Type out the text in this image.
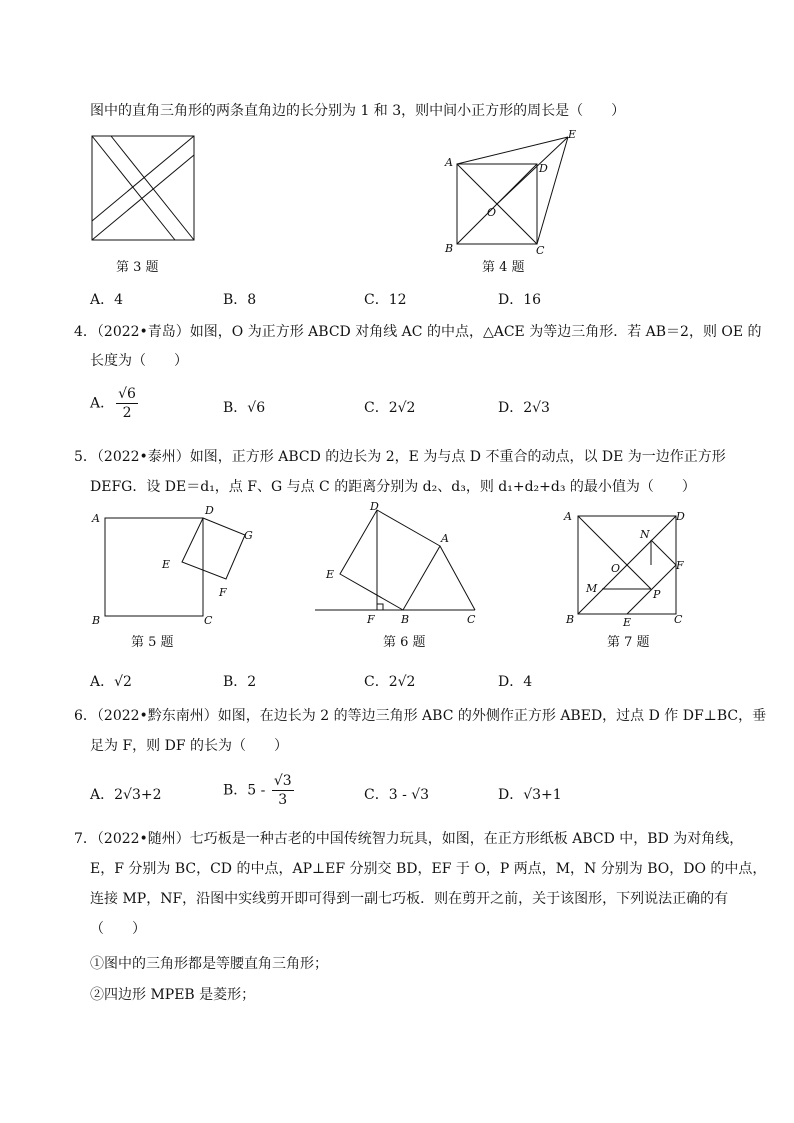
图中的直角三角形的两条直角边的长分别为 1 和 3，则中间小正方形的周长是（　　）
第 3 题
A
B	C
D
E
O
第 4 题
A．4	B．8	C．12	D．16
4．（2022•青岛）如图，O 为正方形 ABCD 对角线 AC 的中点，△ACE 为等边三角形．若 AB＝2，则 OE 的
长度为（　　）
A． $\frac{√6}{2}$	B．√6	C．2√2	D．2√3
5．（2022•泰州）如图，正方形 ABCD 的边长为 2，E 为与点 D 不重合的动点，以 DE 为一边作正方形
DEFG．设 DE＝d₁，点 F、G 与点 C 的距离分别为 d₂、d₃，则 d₁+d₂+d₃ 的最小值为（　　）
A
B	C
D
E
F
G
第 5 题
D
E
A
F B	C
第 6 题
A
B	C
D
N
O	F
M	P
E
第 7 题
A．√2	B．2	C．2√2	D．4
6．（2022•黔东南州）如图，在边长为 2 的等边三角形 ABC 的外侧作正方形 ABED，过点 D 作 DF⊥BC，垂
足为 F，则 DF 的长为（　　）
A．2√3+2	B．$5 - \frac{√3}{3}$	C．3 - √3	D．√3+1
7．（2022•随州）七巧板是一种古老的中国传统智力玩具，如图，在正方形纸板 ABCD 中，BD 为对角线，
E，F 分别为 BC，CD 的中点，AP⊥EF 分别交 BD，EF 于 O，P 两点，M，N 分别为 BO，DO 的中点，
连接 MP，NF，沿图中实线剪开即可得到一副七巧板．则在剪开之前，关于该图形，下列说法正确的有
（　　）
①图中的三角形都是等腰直角三角形；
②四边形 MPEB 是菱形；
